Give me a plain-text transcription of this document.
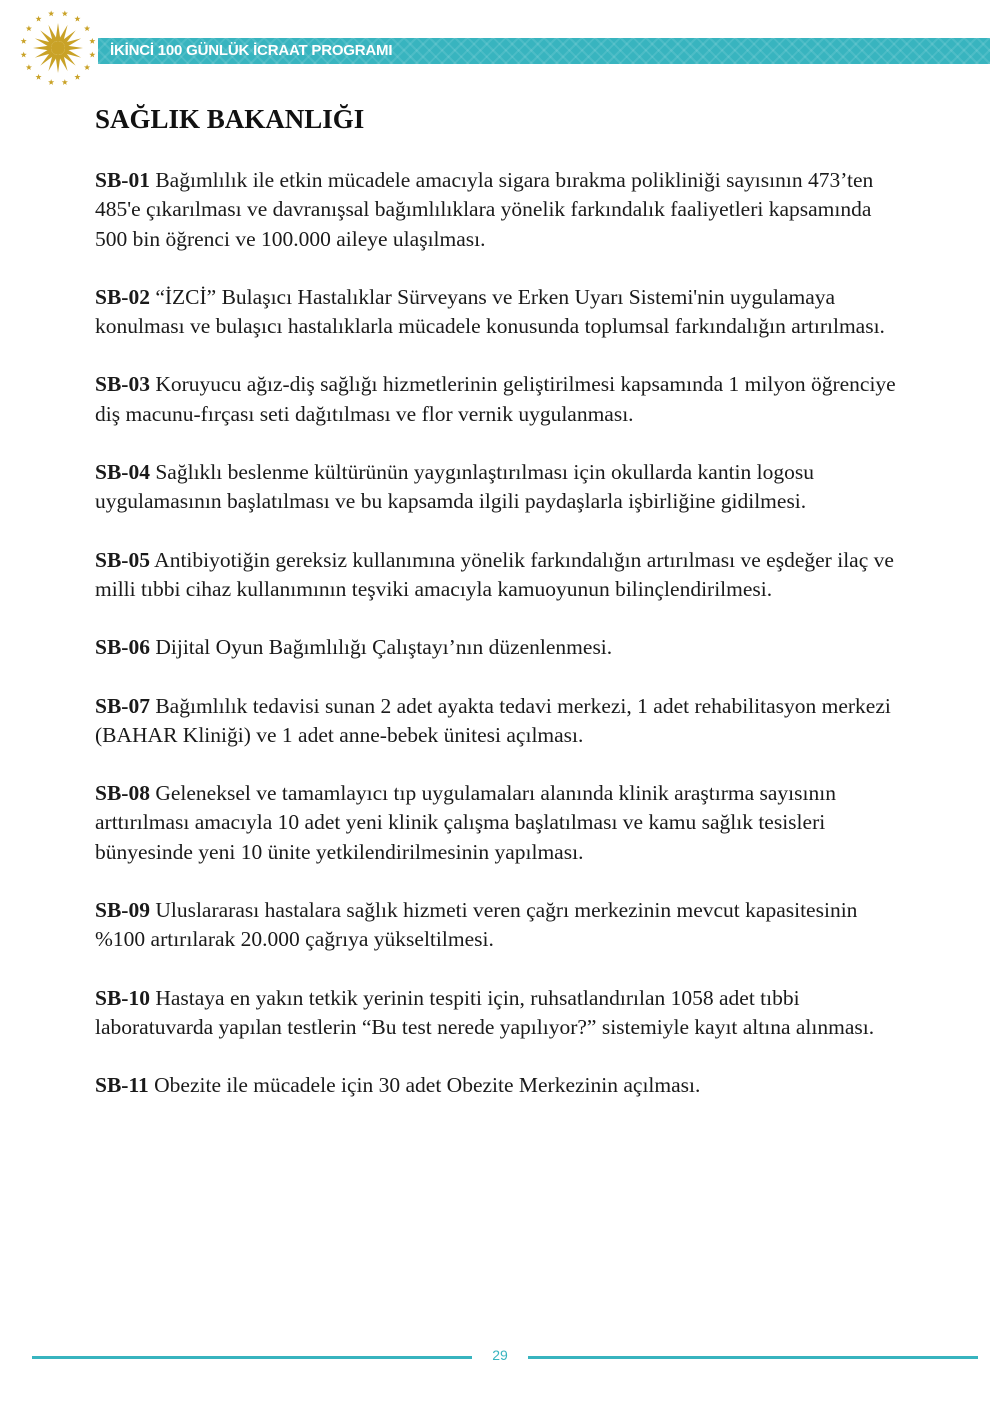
İKİNCİ 100 GÜNLÜK İCRAAT PROGRAMI
SAĞLIK BAKANLIĞI
SB-01 Bağımlılık ile etkin mücadele amacıyla sigara bırakma polikliniği sayısının 473’ten 485'e çıkarılması ve davranışsal bağımlılıklara yönelik farkındalık faaliyetleri kapsamında 500 bin öğrenci ve 100.000 aileye ulaşılması.
SB-02 “İZCİ” Bulaşıcı Hastalıklar Sürveyans ve Erken Uyarı Sistemi'nin uygulamaya konulması ve bulaşıcı hastalıklarla mücadele konusunda toplumsal farkındalığın artırılması.
SB-03 Koruyucu ağız-diş sağlığı hizmetlerinin geliştirilmesi kapsamında 1 milyon öğrenciye diş macunu-fırçası seti dağıtılması ve flor vernik uygulanması.
SB-04 Sağlıklı beslenme kültürünün yaygınlaştırılması için okullarda kantin logosu uygulamasının başlatılması ve bu kapsamda ilgili paydaşlarla işbirliğine gidilmesi.
SB-05 Antibiyotiğin gereksiz kullanımına yönelik farkındalığın artırılması ve eşdeğer ilaç ve milli tıbbi cihaz kullanımının teşviki amacıyla kamuoyunun bilinçlendirilmesi.
SB-06 Dijital Oyun Bağımlılığı Çalıştayı’nın düzenlenmesi.
SB-07 Bağımlılık tedavisi sunan 2 adet ayakta tedavi merkezi, 1 adet rehabilitasyon merkezi (BAHAR Kliniği) ve 1 adet anne-bebek ünitesi açılması.
SB-08 Geleneksel ve tamamlayıcı tıp uygulamaları alanında klinik araştırma sayısının arttırılması amacıyla 10 adet yeni klinik çalışma başlatılması ve kamu sağlık tesisleri bünyesinde yeni 10 ünite yetkilendirilmesinin yapılması.
SB-09 Uluslararası hastalara sağlık hizmeti veren çağrı merkezinin mevcut kapasitesinin %100 artırılarak 20.000 çağrıya yükseltilmesi.
SB-10 Hastaya en yakın tetkik yerinin tespiti için, ruhsatlandırılan 1058 adet tıbbi laboratuvarda yapılan testlerin “Bu test nerede yapılıyor?” sistemiyle kayıt altına alınması.
SB-11 Obezite ile mücadele için 30 adet Obezite Merkezinin açılması.
29
